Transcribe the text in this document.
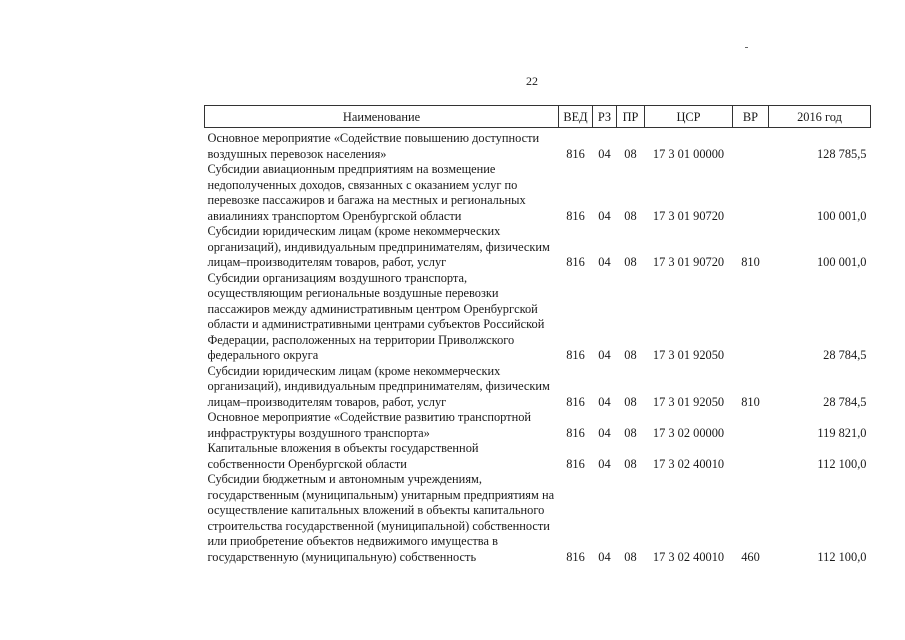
22
Наименование	ВЕД	РЗ	ПР	ЦСР	ВР	2016 год
Основное мероприятие «Содействие повышению доступности воздушных перевозок населения»	816	04	08	17 3 01 00000		128 785,5
Субсидии авиационным предприятиям на возмещение недополученных доходов, связанных с оказанием услуг по перевозке пассажиров и багажа на местных и региональных авиалиниях транспортом Оренбургской области	816	04	08	17 3 01 90720		100 001,0
Субсидии юридическим лицам (кроме некоммерческих организаций), индивидуальным предпринимателям, физическим лицам–производителям товаров, работ, услуг	816	04	08	17 3 01 90720	810	100 001,0
Субсидии организациям воздушного транспорта, осуществляющим региональные воздушные перевозки пассажиров между административным центром Оренбургской области и административными центрами субъектов Российской Федерации, расположенных на территории Приволжского федерального округа	816	04	08	17 3 01 92050		28 784,5
Субсидии юридическим лицам (кроме некоммерческих организаций), индивидуальным предпринимателям, физическим лицам–производителям товаров, работ, услуг	816	04	08	17 3 01 92050	810	28 784,5
Основное мероприятие «Содействие развитию транспортной инфраструктуры воздушного транспорта»	816	04	08	17 3 02 00000		119 821,0
Капитальные вложения в объекты государственной собственности Оренбургской области	816	04	08	17 3 02 40010		112 100,0
Субсидии бюджетным и автономным учреждениям, государственным (муниципальным) унитарным предприятиям на осуществление капитальных вложений в объекты капитального строительства государственной (муниципальной) собственности или приобретение объектов недвижимого имущества в государственную (муниципальную) собственность	816	04	08	17 3 02 40010	460	112 100,0
